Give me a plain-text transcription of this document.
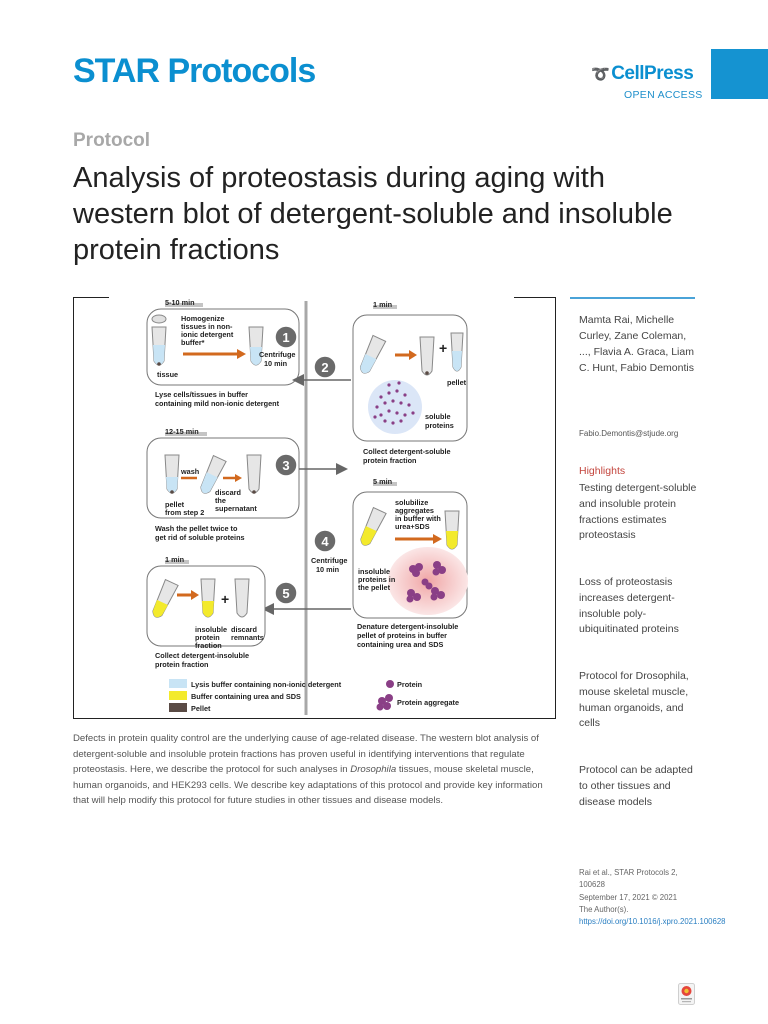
STAR Protocols	➰ CellPress
OPEN ACCESS
Protocol
Analysis of proteostasis during aging with western blot of detergent-soluble and insoluble protein fractions
5-10 min
Homogenize
tissues in non-
ionic detergent
buffer*
tissue
Lyse cells/tissues in buffer
containing mild non-ionic detergent
1
Centrifuge
10 min	2
1 min
+
pellet
soluble
proteins
Collect detergent-soluble
protein fraction
12-15 min
wash
pellet
from step 2
discard
the
supernatant
Wash the pellet twice to
get rid of soluble proteins
3
5 min
solubilize
aggregates
in buffer with
urea+SDS
insoluble
proteins in
the pellet
Denature detergent-insoluble
pellet of proteins in buffer
containing urea and SDS
4
Centrifuge
10 min
5
1 min
+
insoluble
protein
fraction
discard
remnants
Collect detergent-insoluble
protein fraction
Lysis buffer containing non-ionic detergent
Buffer containing urea and SDS
Pellet
Protein
Protein aggregate

Defects in protein quality control are the underlying cause of age-related disease. The western blot analysis of detergent-soluble and insoluble protein fractions has proven useful in identifying interventions that regulate proteostasis. Here, we describe the protocol for such analyses in Drosophila tissues, mouse skeletal muscle, human organoids, and HEK293 cells. We describe key adaptations of this protocol and provide key information that will help modify this protocol for future studies in other tissues and disease models.

Mamta Rai, Michelle Curley, Zane Coleman, ..., Flavia A. Graca, Liam C. Hunt, Fabio Demontis
Fabio.Demontis@stjude.org
Highlights
Testing detergent-soluble and insoluble protein fractions estimates proteostasis
Loss of proteostasis increases detergent-insoluble poly-ubiquitinated proteins
Protocol for Drosophila, mouse skeletal muscle, human organoids, and cells
Protocol can be adapted to other tissues and disease models
Rai et al., STAR Protocols 2,
100628
September 17, 2021 © 2021
The Author(s).
https://doi.org/10.1016/j.xpro.2021.100628
